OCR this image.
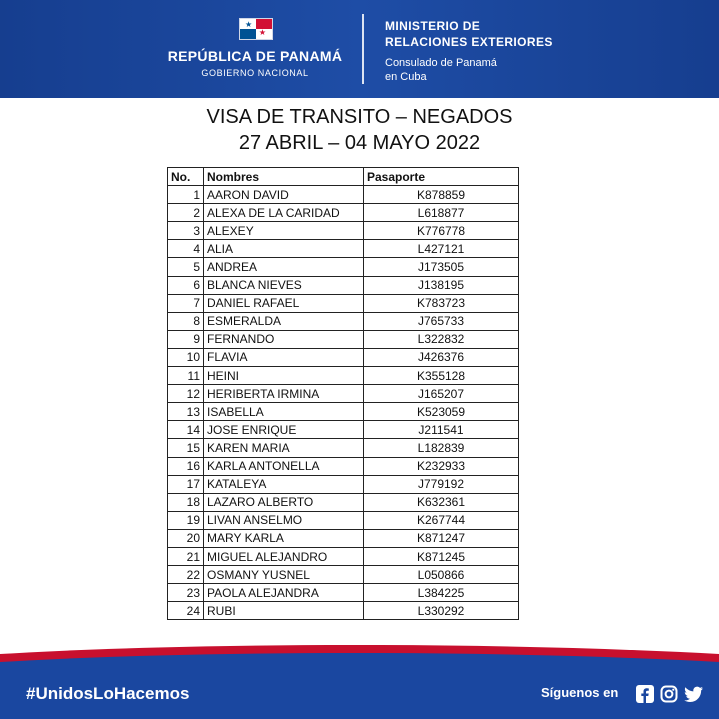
★
★
REPÚBLICA DE PANAMÁ
GOBIERNO NACIONAL
MINISTERIO DE
RELACIONES EXTERIORES
Consulado de Panamá
en Cuba
VISA DE TRANSITO – NEGADOS
27 ABRIL – 04 MAYO 2022
No.	Nombres	Pasaporte
1	AARON DAVID	K878859
2	ALEXA DE LA CARIDAD	L618877
3	ALEXEY	K776778
4	ALIA	L427121
5	ANDREA	J173505
6	BLANCA NIEVES	J138195
7	DANIEL RAFAEL	K783723
8	ESMERALDA	J765733
9	FERNANDO	L322832
10	FLAVIA	J426376
11	HEINI	K355128
12	HERIBERTA IRMINA	J165207
13	ISABELLA	K523059
14	JOSE ENRIQUE	J211541
15	KAREN MARIA	L182839
16	KARLA ANTONELLA	K232933
17	KATALEYA	J779192
18	LAZARO ALBERTO	K632361
19	LIVAN ANSELMO	K267744
20	MARY KARLA	K871247
21	MIGUEL ALEJANDRO	K871245
22	OSMANY YUSNEL	L050866
23	PAOLA ALEJANDRA	L384225
24	RUBI	L330292
#UnidosLoHacemos	Síguenos en
